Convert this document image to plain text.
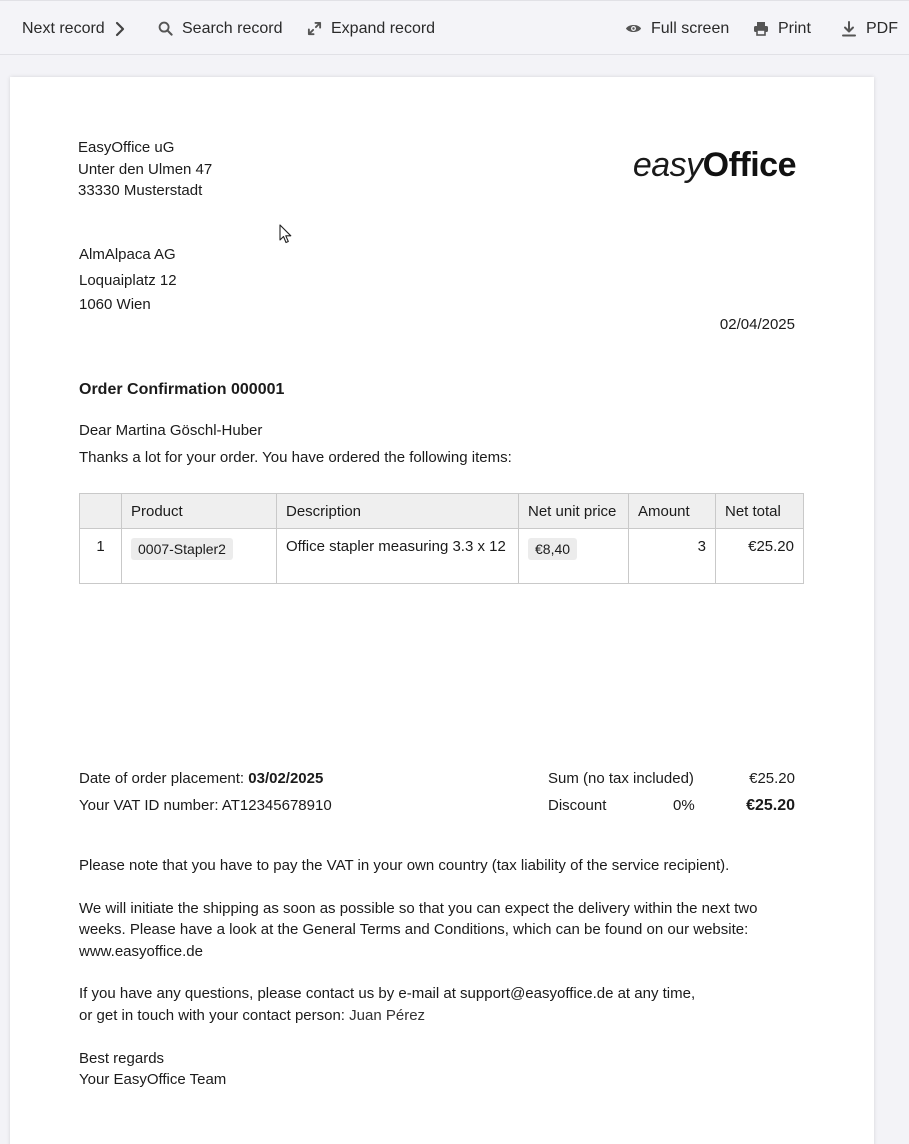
Next record	Search record	Expand record	Full screen	Print	PDF
EasyOffice uG
Unter den Ulmen 47
33330 Musterstadt
easyOffice
AlmAlpaca AG
Loquaiplatz 12
1060 Wien
02/04/2025
Order Confirmation 000001
Dear Martina Göschl-Huber
Thanks a lot for your order. You have ordered the following items:
	Product	Description	Net unit price	Amount	Net total
1	0007-Stapler2	Office stapler measuring 3.3 x 12	€8,40	3	€25.20
Date of order placement: 03/02/2025
Your VAT ID number: AT12345678910
Sum (no tax included)	€25.20
Discount	0%	€25.20
Please note that you have to pay the VAT in your own country (tax liability of the service recipient).
We will initiate the shipping as soon as possible so that you can expect the delivery within the next two
weeks. Please have a look at the General Terms and Conditions, which can be found on our website:
www.easyoffice.de
If you have any questions, please contact us by e-mail at support@easyoffice.de at any time,
or get in touch with your contact person: Juan Pérez
Best regards
Your EasyOffice Team
